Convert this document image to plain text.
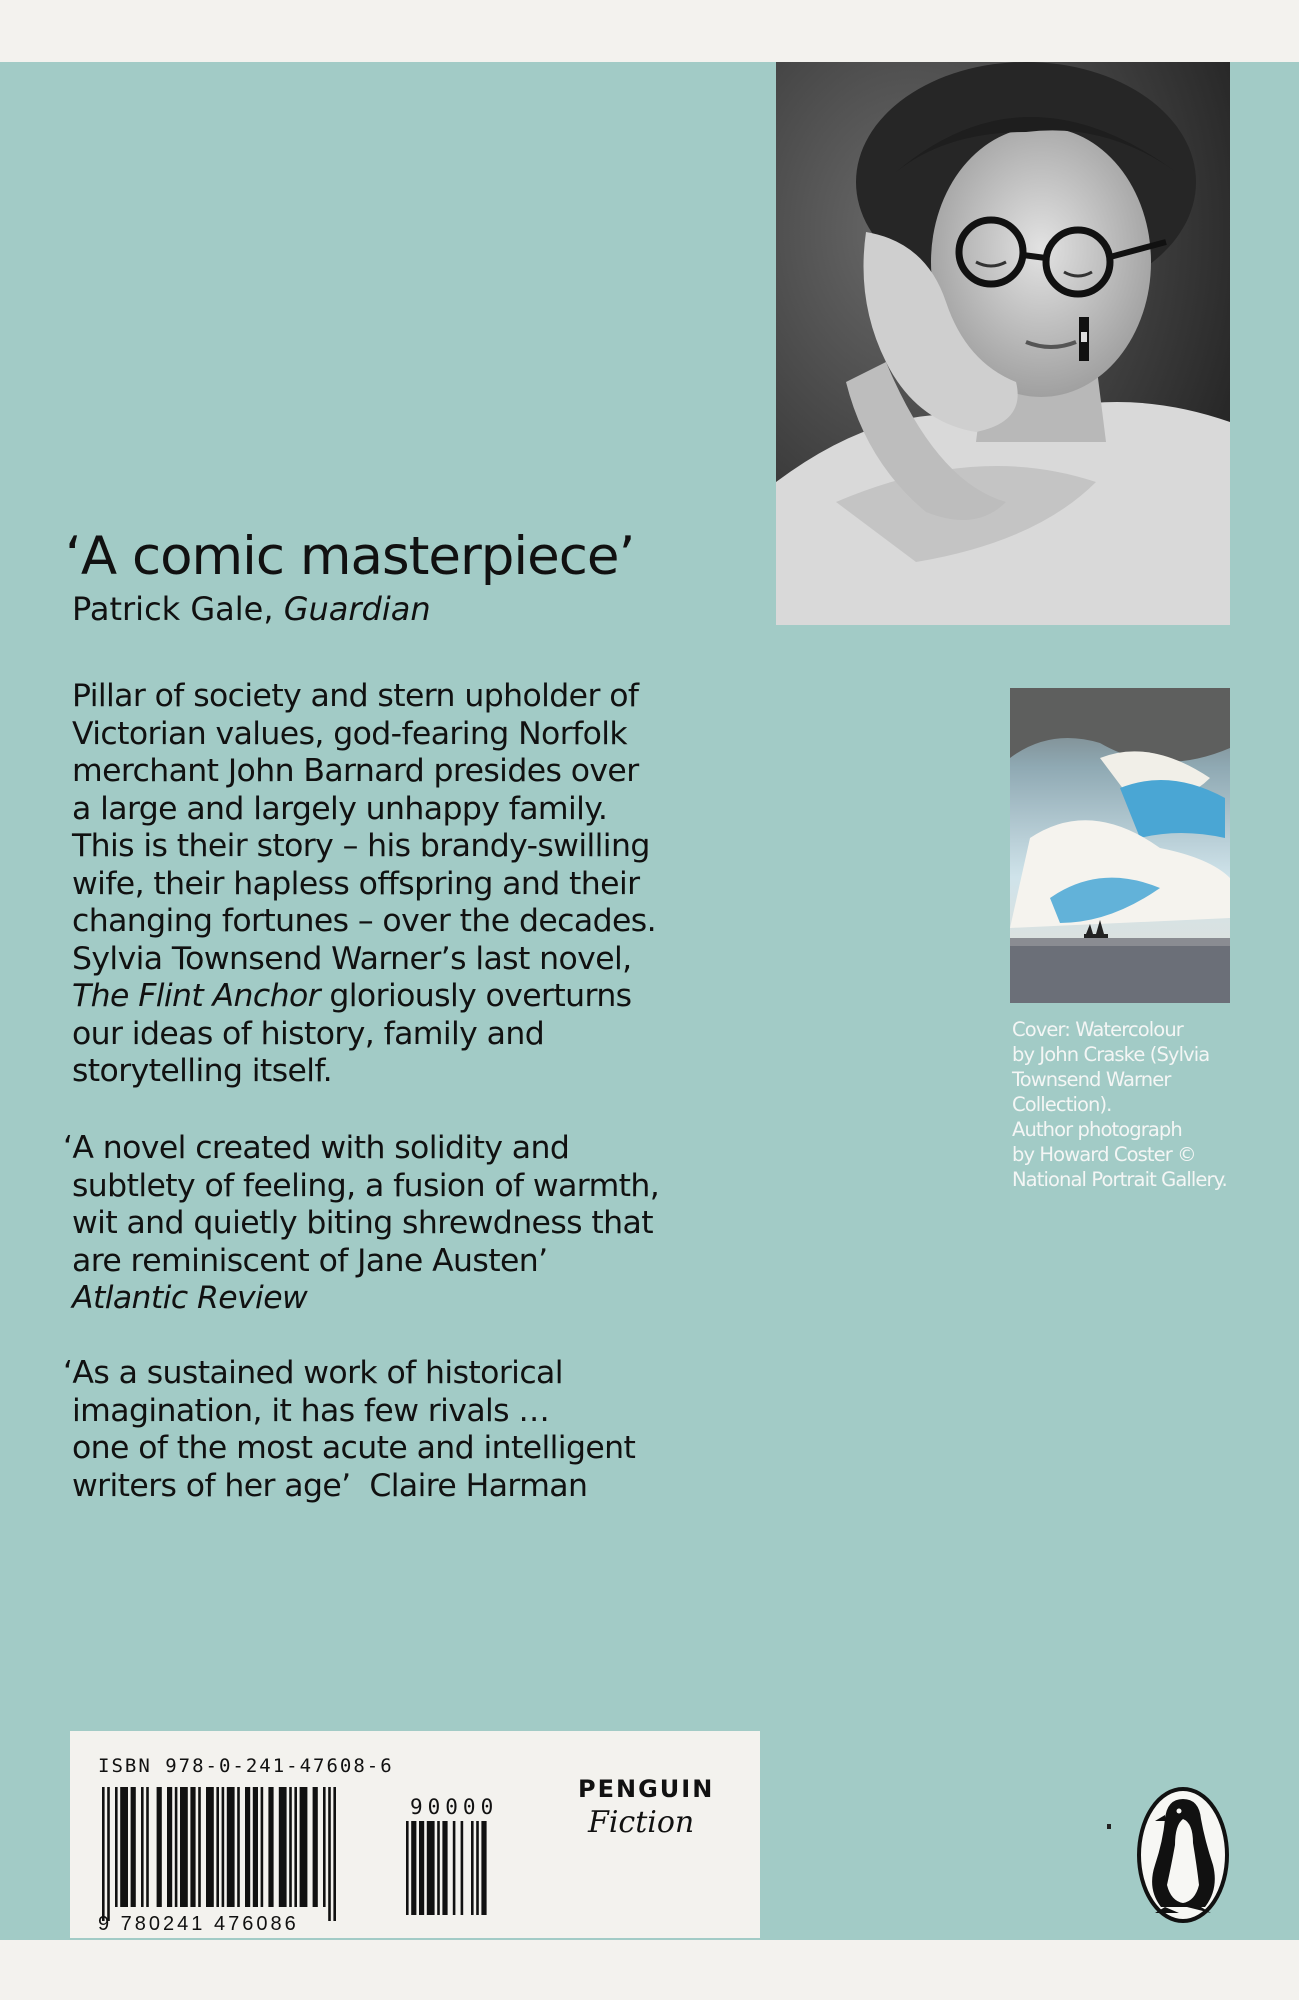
‘A comic masterpiece’
Patrick Gale, Guardian
Pillar of society and stern upholder of
Victorian values, god-fearing Norfolk
merchant John Barnard presides over
a large and largely unhappy family.
This is their story – his brandy-swilling
wife, their hapless offspring and their
changing fortunes – over the decades.
Sylvia Townsend Warner’s last novel,
The Flint Anchor gloriously overturns
our ideas of history, family and
storytelling itself.
‘A novel created with solidity and
subtlety of feeling, a fusion of warmth,
wit and quietly biting shrewdness that
are reminiscent of Jane Austen’
Atlantic Review
‘As a sustained work of historical
imagination, it has few rivals …
one of the most acute and intelligent
writers of her age’ Claire Harman
Cover: Watercolour
by John Craske (Sylvia
Townsend Warner
Collection).
Author photograph
by Howard Coster ©
National Portrait Gallery.
ISBN 978-0-241-47608-6
9 780241 476086
90000
PENGUIN
Fiction
